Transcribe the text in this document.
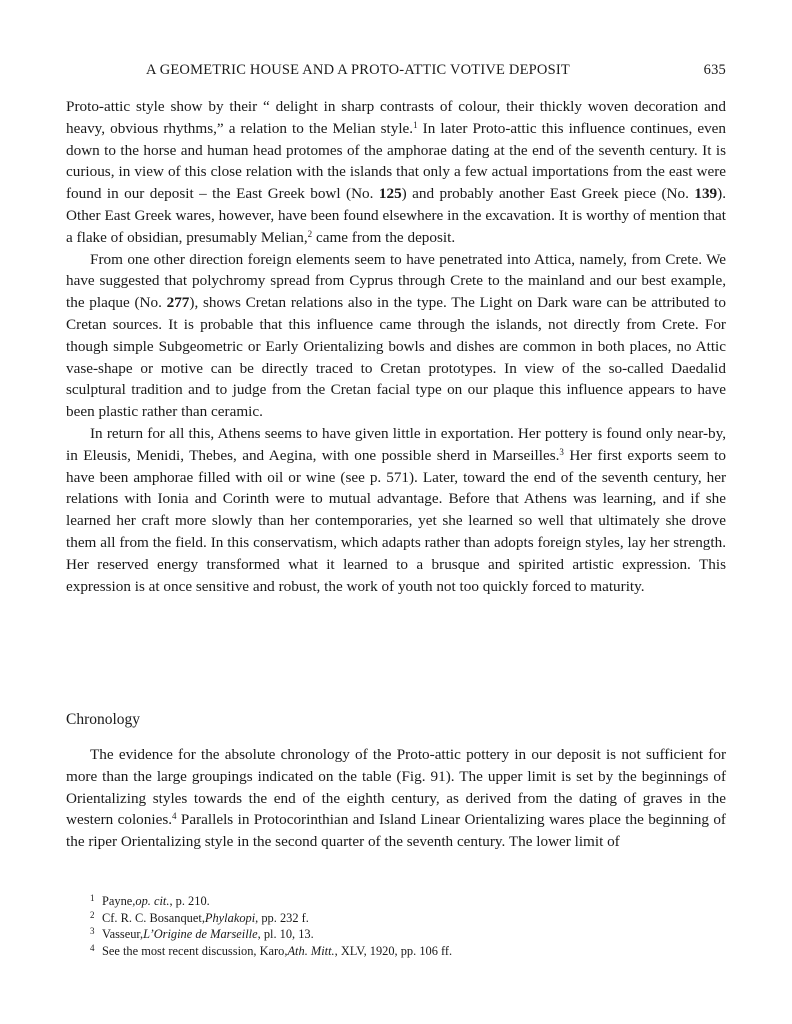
A GEOMETRIC HOUSE AND A PROTO-ATTIC VOTIVE DEPOSIT	635

Proto-attic style show by their “ delight in sharp contrasts of colour, their thickly woven decoration and heavy, obvious rhythms,” a relation to the Melian style.$^1$ In later Proto-attic this influence continues, even down to the horse and human head protomes of the amphorae dating at the end of the seventh century. It is curious, in view of this close relation with the islands that only a few actual importations from the east were found in our deposit – the East Greek bowl (No. 125) and probably another East Greek piece (No. 139). Other East Greek wares, however, have been found elsewhere in the excavation. It is worthy of mention that a flake of obsidian, presumably Melian,$^2$ came from the deposit.

From one other direction foreign elements seem to have penetrated into Attica, namely, from Crete. We have suggested that polychromy spread from Cyprus through Crete to the mainland and our best example, the plaque (No. 277), shows Cretan relations also in the type. The Light on Dark ware can be attributed to Cretan sources. It is probable that this influence came through the islands, not directly from Crete. For though simple Subgeometric or Early Orientalizing bowls and dishes are common in both places, no Attic vase-shape or motive can be directly traced to Cretan prototypes. In view of the so-called Daedalid sculptural tradition and to judge from the Cretan facial type on our plaque this influence appears to have been plastic rather than ceramic.

In return for all this, Athens seems to have given little in exportation. Her pottery is found only near-by, in Eleusis, Menidi, Thebes, and Aegina, with one possible sherd in Marseilles.$^3$ Her first exports seem to have been amphorae filled with oil or wine (see p. 571). Later, toward the end of the seventh century, her relations with Ionia and Corinth were to mutual advantage. Before that Athens was learning, and if she learned her craft more slowly than her contemporaries, yet she learned so well that ultimately she drove them all from the field. In this conservatism, which adapts rather than adopts foreign styles, lay her strength. Her reserved energy transformed what it learned to a brusque and spirited artistic expression. This expression is at once sensitive and robust, the work of youth not too quickly forced to maturity.

Chronology

The evidence for the absolute chronology of the Proto-attic pottery in our deposit is not sufficient for more than the large groupings indicated on the table (Fig. 91). The upper limit is set by the beginnings of Orientalizing styles towards the end of the eighth century, as derived from the dating of graves in the western colonies.$^4$ Parallels in Protocorinthian and Island Linear Orientalizing wares place the beginning of the riper Orientalizing style in the second quarter of the seventh century. The lower limit of

1 Payne, op. cit. , p. 210.
2 Cf. R. C. Bosanquet, Phylakopi , pp. 232 f.
3 Vasseur, L’Origine de Marseille , pl. 10, 13.
4 See the most recent discussion, Karo, Ath. Mitt. , XLV, 1920, pp. 106 ff.
